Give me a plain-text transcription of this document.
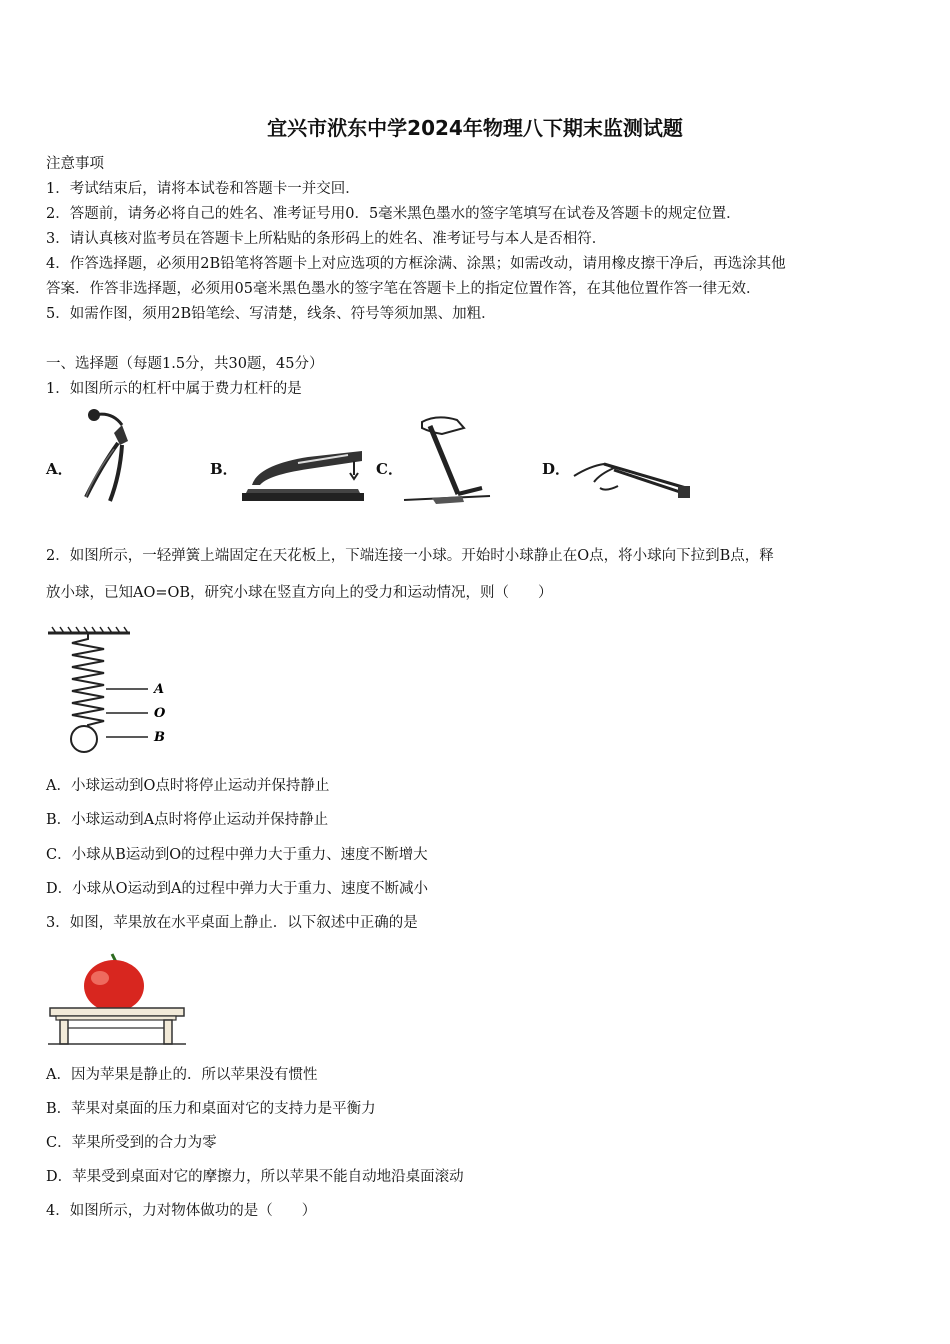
宜兴市洑东中学2024年物理八下期末监测试题
注意事项
1．考试结束后，请将本试卷和答题卡一并交回．
2．答题前，请务必将自己的姓名、准考证号用0．5毫米黑色墨水的签字笔填写在试卷及答题卡的规定位置．
3．请认真核对监考员在答题卡上所粘贴的条形码上的姓名、准考证号与本人是否相符．
4．作答选择题，必须用2B铅笔将答题卡上对应选项的方框涂满、涂黑；如需改动，请用橡皮擦干净后，再选涂其他
答案．作答非选择题，必须用05毫米黑色墨水的签字笔在答题卡上的指定位置作答，在其他位置作答一律无效．
5．如需作图，须用2B铅笔绘、写清楚，线条、符号等须加黑、加粗．
一、选择题（每题1.5分，共30题，45分）
1．如图所示的杠杆中属于费力杠杆的是
A．	B．	C．	D．
2．如图所示，一轻弹簧上端固定在天花板上，下端连接一小球。开始时小球静止在O点，将小球向下拉到B点，释
放小球，已知AO=OB，研究小球在竖直方向上的受力和运动情况，则（　　）
A
O
B
A．小球运动到O点时将停止运动并保持静止
B．小球运动到A点时将停止运动并保持静止
C．小球从B运动到O的过程中弹力大于重力、速度不断增大
D．小球从O运动到A的过程中弹力大于重力、速度不断减小
3．如图，苹果放在水平桌面上静止．以下叙述中正确的是
A．因为苹果是静止的．所以苹果没有惯性
B．苹果对桌面的压力和桌面对它的支持力是平衡力
C．苹果所受到的合力为零
D．苹果受到桌面对它的摩擦力，所以苹果不能自动地沿桌面滚动
4．如图所示，力对物体做功的是（　　）
